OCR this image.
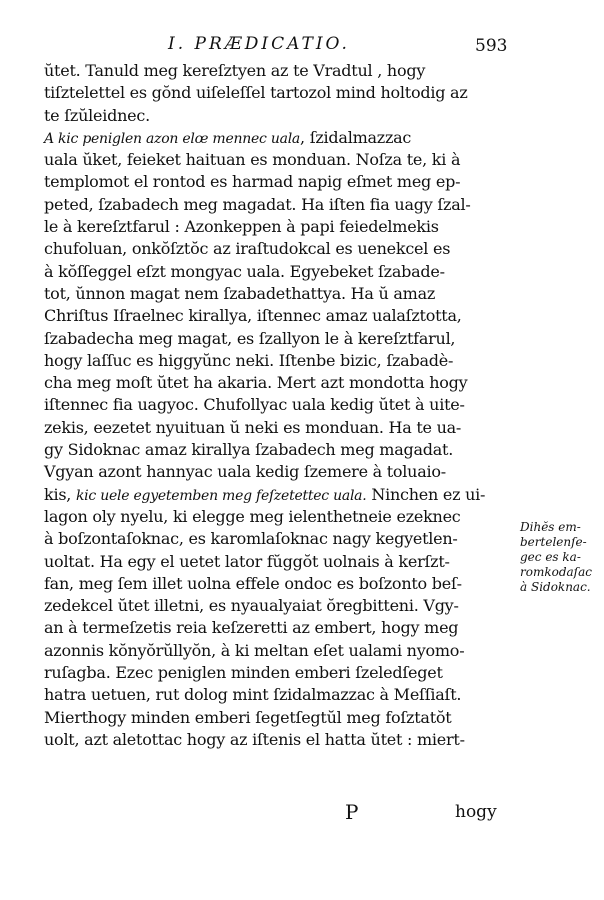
I. PRÆDICATIO.	593
ŭtet. Tanuld meg kereſztyen az te Vradtul , hogy
tiſztelettel es gŏnd uiſeleſſel tartozol mind holtodig az
te ſzŭleidnec.
A kic peniglen azon elœ mennec uala, ſzidalmazzac
uala ŭket, feieket haituan es monduan. Noſza te, ki à
templomot el rontod es harmad napig eſmet meg ep-
peted, ſzabadech meg magadat. Ha iſten fia uagy ſzal-
le à kereſztfarul : Azonkeppen à papi feiedelmekis
chufoluan, onkŏſztŏc az iraſtudokcal es uenekcel es
à kŏſſeggel eſzt mongyac uala. Egyebeket ſzabade-
tot, ŭnnon magat nem ſzabadethattya. Ha ŭ amaz
Chriſtus Iſraelnec kirallya, iſtennec amaz ualaſztotta,
ſzabadecha meg magat, es ſzallyon le à kereſztfarul,
hogy laſſuc es higgyŭnc neki. Iſtenbe bizic, ſzabadè-
cha meg moſt ŭtet ha akaria. Mert azt mondotta hogy
iſtennec fia uagyoc. Chufollyac uala kedig ŭtet à uite-
zekis, eezetet nyuituan ŭ neki es monduan. Ha te ua-
gy Sidoknac amaz kirallya ſzabadech meg magadat.
Vgyan azont hannyac uala kedig ſzemere à toluaio-
kis, kic uele egyetemben meg feſzetettec uala. Ninchen ez ui-
lagon oly nyelu, ki elegge meg ielenthetneie ezeknec
à boſzontaſoknac, es karomlaſoknac nagy kegyetlen-
uoltat. Ha egy el uetet lator fŭggŏt uolnais à kerſzt-
fan, meg ſem illet uolna effele ondoc es boſzonto beſ-
zedekcel ŭtet illetni, es nyaualyaiat ŏregbitteni. Vgy-
an à termeſzetis reia keſzeretti az embert, hogy meg
azonnis kŏnyŏrŭllyŏn, à ki meltan eſet ualami nyomo-
ruſagba. Ezec peniglen minden emberi ſzeledſeget
hatra uetuen, rut dolog mint ſzidalmazzac à Meſſiaſt.
Mierthogy minden emberi ſegetſegtŭl meg foſztatŏt
uolt, azt aletottac hogy az iſtenis el hatta ŭtet : miert-
Dihĕs em-
bertelenſe-
gec es ka-
romkodaſac
à Sidoknac.
P	hogy
